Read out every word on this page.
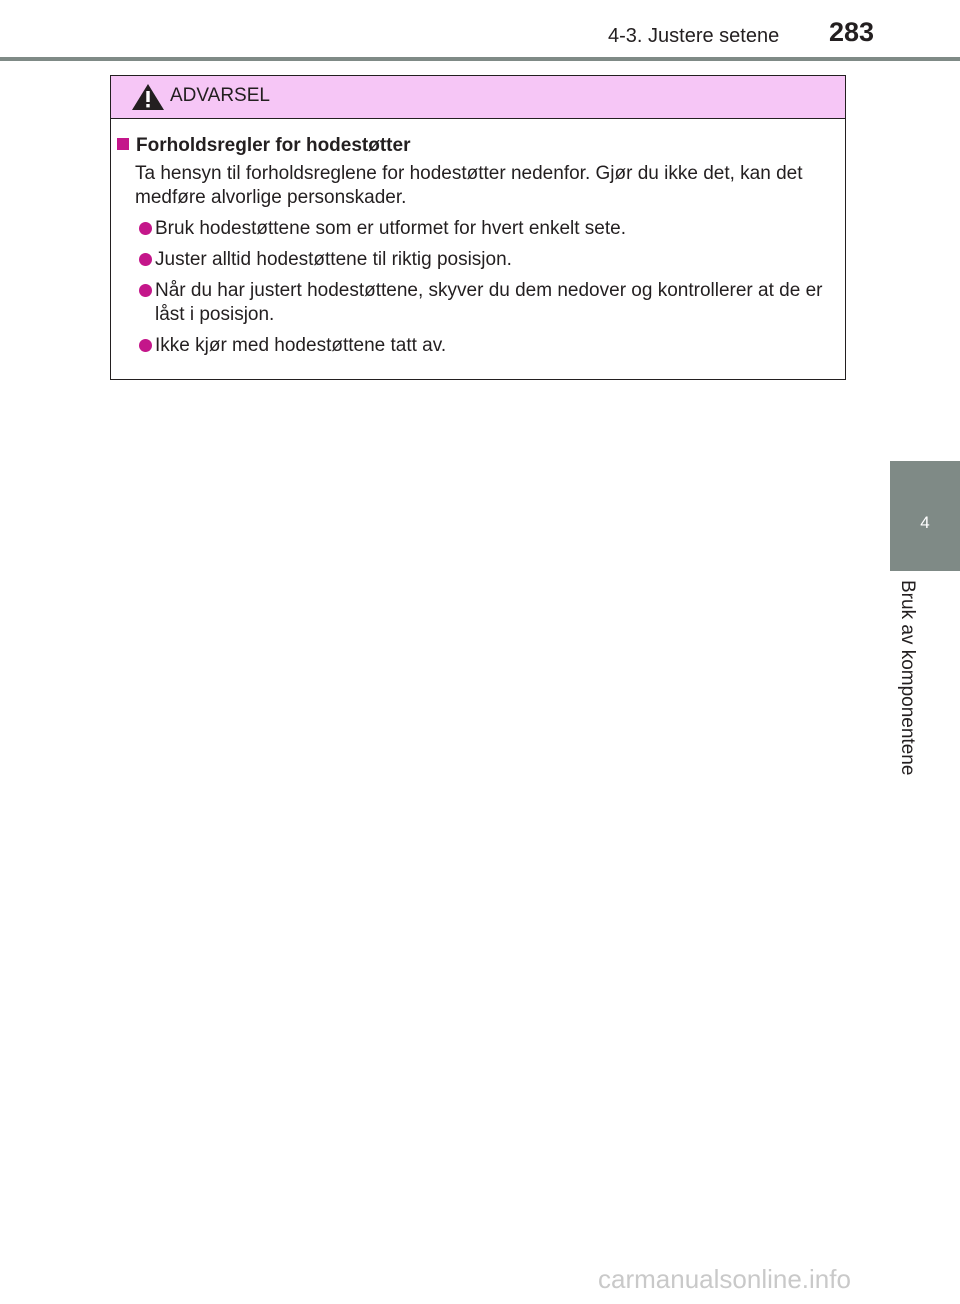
4-3. Justere setene 283
4
Bruk av komponentene
ADVARSEL
Forholdsregler for hodestøtter
Ta hensyn til forholdsreglene for hodestøtter nedenfor. Gjør du ikke det, kan det medføre alvorlige personskader.
Bruk hodestøttene som er utformet for hvert enkelt sete.
Juster alltid hodestøttene til riktig posisjon.
Når du har justert hodestøttene, skyver du dem nedover og kontrollerer at de er låst i posisjon.
Ikke kjør med hodestøttene tatt av.
carmanualsonline.info
